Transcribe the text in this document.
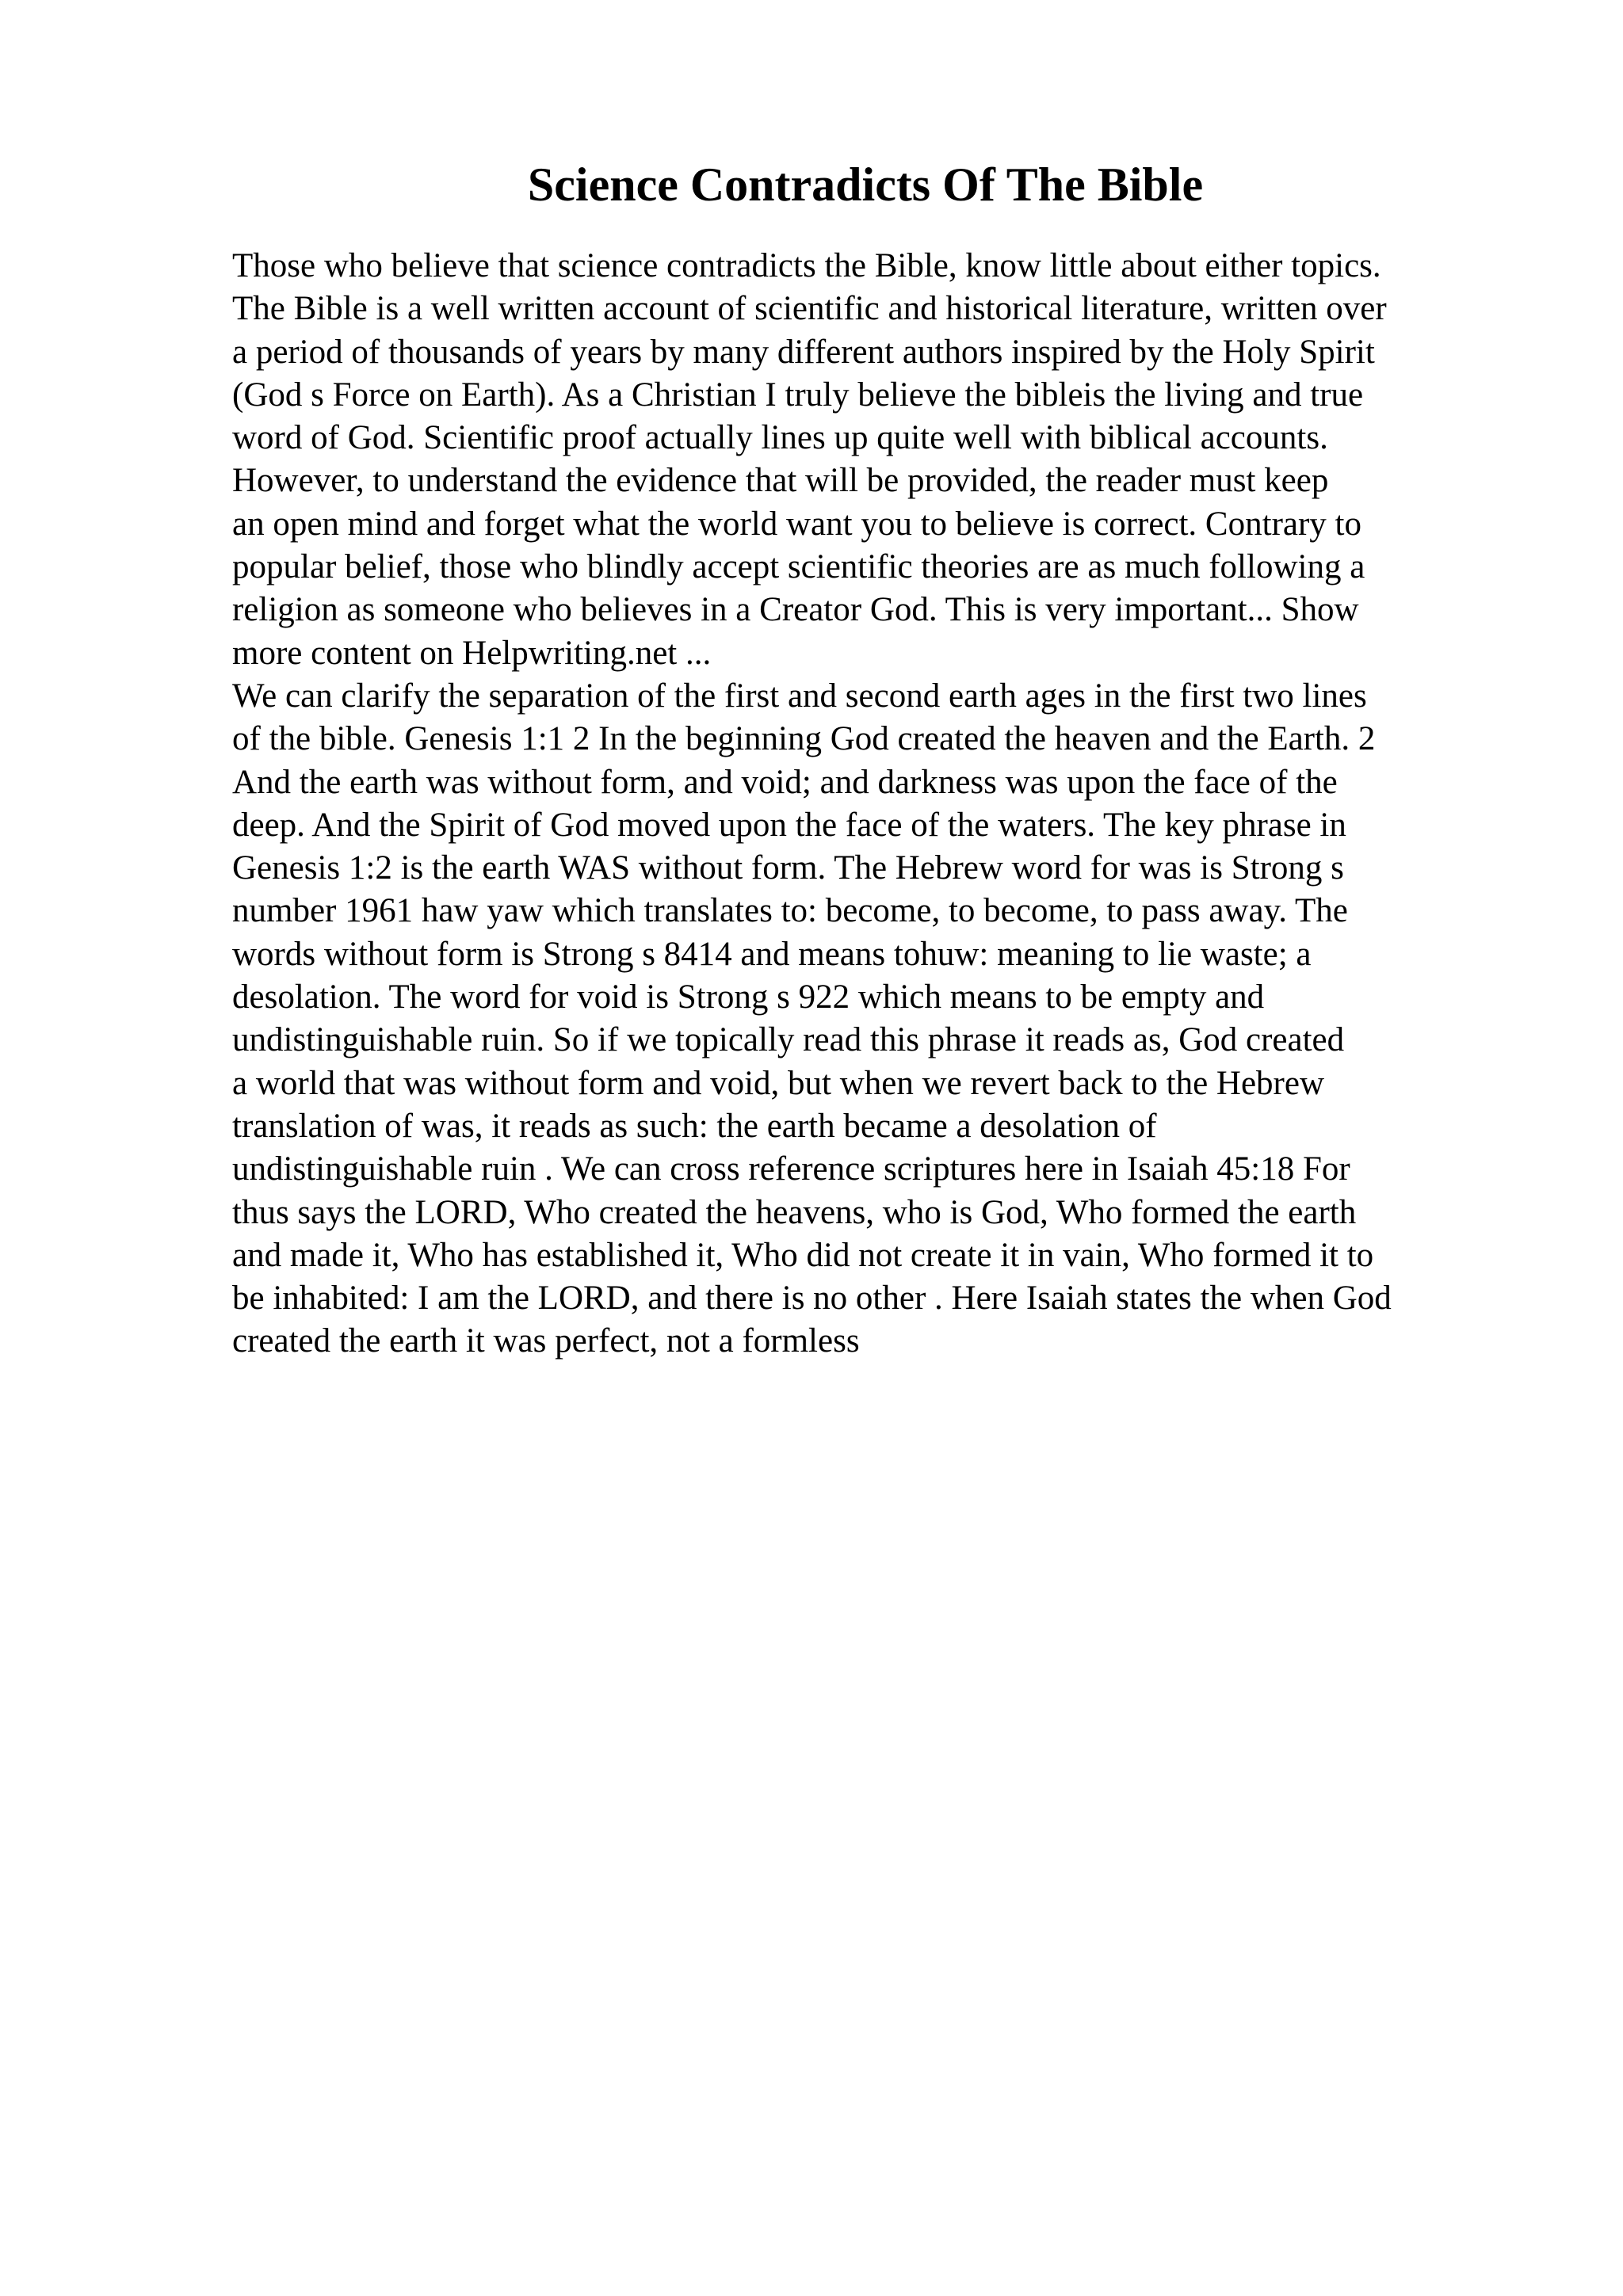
Science Contradicts Of The Bible
Those who believe that science contradicts the Bible, know little about either topics.
The Bible is a well written account of scientific and historical literature, written over
a period of thousands of years by many different authors inspired by the Holy Spirit
(God s Force on Earth). As a Christian I truly believe the bibleis the living and true
word of God. Scientific proof actually lines up quite well with biblical accounts.
However, to understand the evidence that will be provided, the reader must keep
an open mind and forget what the world want you to believe is correct. Contrary to
popular belief, those who blindly accept scientific theories are as much following a
religion as someone who believes in a Creator God. This is very important... Show
more content on Helpwriting.net ...
We can clarify the separation of the first and second earth ages in the first two lines
of the bible. Genesis 1:1 2 In the beginning God created the heaven and the Earth. 2
And the earth was without form, and void; and darkness was upon the face of the
deep. And the Spirit of God moved upon the face of the waters. The key phrase in
Genesis 1:2 is the earth WAS without form. The Hebrew word for was is Strong s
number 1961 haw yaw which translates to: become, to become, to pass away. The
words without form is Strong s 8414 and means tohuw: meaning to lie waste; a
desolation. The word for void is Strong s 922 which means to be empty and
undistinguishable ruin. So if we topically read this phrase it reads as, God created
a world that was without form and void, but when we revert back to the Hebrew
translation of was, it reads as such: the earth became a desolation of
undistinguishable ruin . We can cross reference scriptures here in Isaiah 45:18 For
thus says the LORD, Who created the heavens, who is God, Who formed the earth
and made it, Who has established it, Who did not create it in vain, Who formed it to
be inhabited: I am the LORD, and there is no other . Here Isaiah states the when God
created the earth it was perfect, not a formless
